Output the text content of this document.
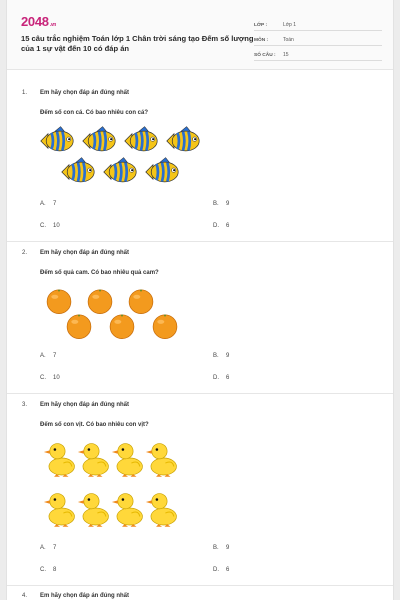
2048.vn
15 câu trắc nghiệm Toán lớp 1 Chân trời sáng tạo Đếm số lượng của 1 sự vật đến 10 có đáp án
LỚP :	Lớp 1
MÔN :	Toán
SỐ CÂU :	15
1. Em hãy chọn đáp án đúng nhất
Đếm số con cá. Có bao nhiêu con cá?
A. 7	B. 9
C. 10	D. 6
2. Em hãy chọn đáp án đúng nhất
Đếm số quả cam. Có bao nhiêu quả cam?
A. 7	B. 9
C. 10	D. 6
3. Em hãy chọn đáp án đúng nhất
Đếm số con vịt. Có bao nhiêu con vịt?
A. 7	B. 9
C. 8	D. 6
4. Em hãy chọn đáp án đúng nhất
